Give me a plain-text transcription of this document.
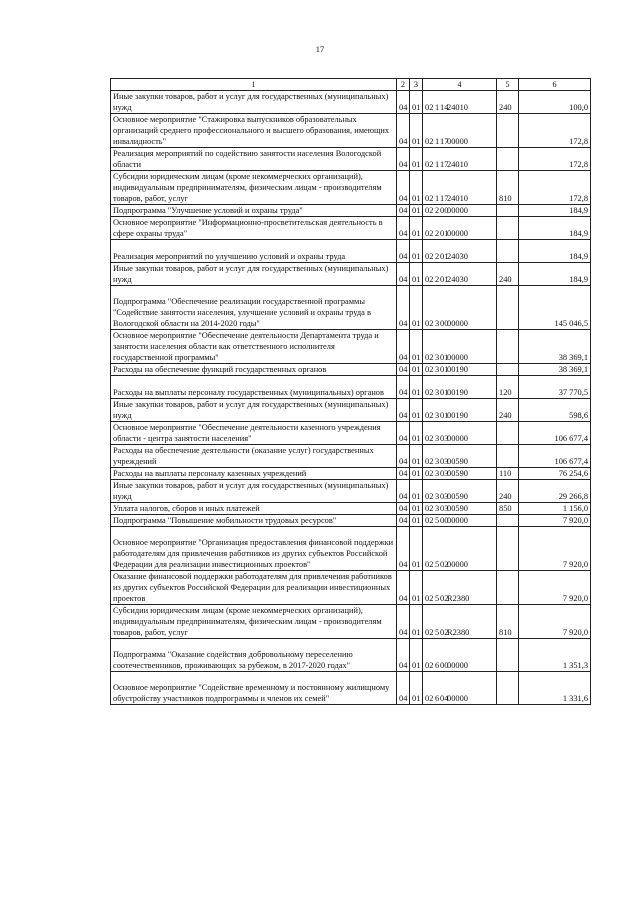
17
1	2	3	4	5	6
Иные закупки товаров, работ и услуг для государственных (муниципальных) нужд	04	01	02 11424010	240	100,0
Основное мероприятие "Стажировка выпускников образовательных организаций среднего профессионального и высшего образования, имеющих инвалидность"	04	01	02 11700000		172,8
Реализация мероприятий по содействию занятости населения Вологодской области	04	01	02 11724010		172,8
Субсидии юридическим лицам (кроме некоммерческих организаций), индивидуальным предпринимателям, физическим лицам - производителям товаров, работ, услуг	04	01	02 11724010	810	172,8
Подпрограмма "Улучшение условий и охраны труда"	04	01	02 20000000		184,9
Основное мероприятие "Информационно-просветительская деятельность в сфере охраны труда"	04	01	02 20100000		184,9
Реализация мероприятий по улучшению условий и охраны труда	04	01	02 20124030		184,9
Иные закупки товаров, работ и услуг для государственных (муниципальных) нужд	04	01	02 20124030	240	184,9
Подпрограмма "Обеспечение реализации государственной программы "Содействие занятости населения, улучшение условий и охраны труда в Вологодской области на 2014-2020 годы"	04	01	02 30000000		145 046,5
Основное мероприятие "Обеспечение деятельности Департамента труда и занятости населения области как ответственного исполнителя государственной программы"	04	01	02 30100000		38 369,1
Расходы на обеспечение функций государственных органов	04	01	02 30100190		38 369,1
Расходы на выплаты персоналу государственных (муниципальных) органов	04	01	02 30100190	120	37 770,5
Иные закупки товаров, работ и услуг для государственных (муниципальных) нужд	04	01	02 30100190	240	598,6
Основное мероприятие "Обеспечение деятельности казенного учреждения области - центра занятости населения"	04	01	02 30300000		106 677,4
Расходы на обеспечение деятельности (оказание услуг) государственных учреждений	04	01	02 30300590		106 677,4
Расходы на выплаты персоналу казенных учреждений	04	01	02 30300590	110	76 254,6
Иные закупки товаров, работ и услуг для государственных (муниципальных) нужд	04	01	02 30300590	240	29 266,8
Уплата налогов, сборов и иных платежей	04	01	02 30300590	850	1 156,0
Подпрограмма "Повышение мобильности трудовых ресурсов"	04	01	02 50000000		7 920,0
Основное мероприятие "Организация предоставления финансовой поддержки работодателям для привлечения работников из других субъектов Российской Федерации для реализации инвестиционных проектов"	04	01	02 50200000		7 920,0
Оказание финансовой поддержки работодателям для привлечения работников из других субъектов Российской Федерации для реализации инвестиционных проектов	04	01	02 502R2380		7 920,0
Субсидии юридическим лицам (кроме некоммерческих организаций), индивидуальным предпринимателям, физическим лицам - производителям товаров, работ, услуг	04	01	02 502R2380	810	7 920,0
Подпрограмма "Оказание содействия добровольному переселению соотечественников, проживающих за рубежом, в 2017-2020 годах"	04	01	02 60000000		1 351,3
Основное мероприятие "Содействие временному и постоянному жилищному обустройству участников подпрограммы и членов их семей"	04	01	02 60400000		1 331,6
